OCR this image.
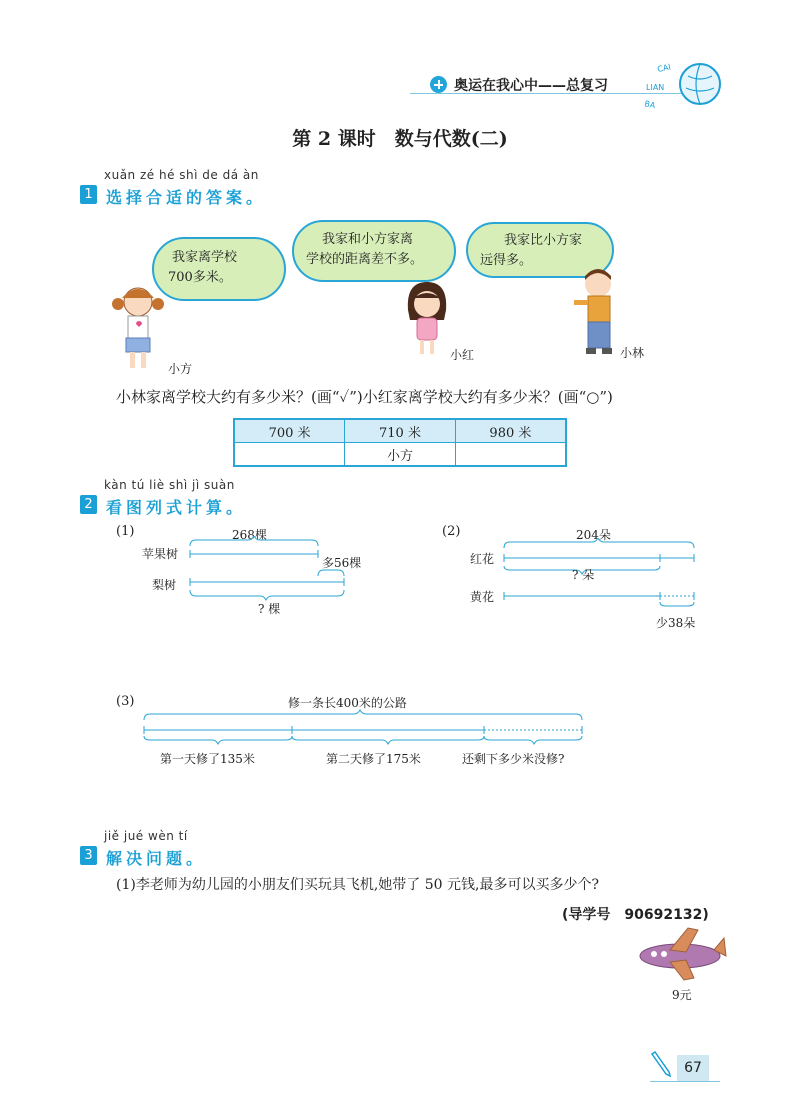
奥运在我心中——总复习
CAI
LIAN
BA
第 2 课时　数与代数(二)
xuǎn zé hé shì de dá àn
1 选择合适的答案。
我家离学校
700多米。
我家和小方家离
学校的距离差不多。
我家比小方家
远得多。
小方
小红	小林
小林家离学校大约有多少米？(画“✓”)小红家离学校大约有多少米？(画“○”)
700 米	710 米	980 米
	小方	
kàn tú liè shì jì suàn
2 看图列式计算。
(1)	268棵
苹果树
梨树
多56棵
? 棵
(2)	204朵
红花
? 朵
黄花
少38朵
(3)	修一条长400米的公路
第一天修了135米	第二天修了175米	还剩下多少米没修?
jiě jué wèn tí
3 解决问题。
(1)李老师为幼儿园的小朋友们买玩具飞机,她带了 50 元钱,最多可以买多少个?
(导学号　90692132)
9元
67
